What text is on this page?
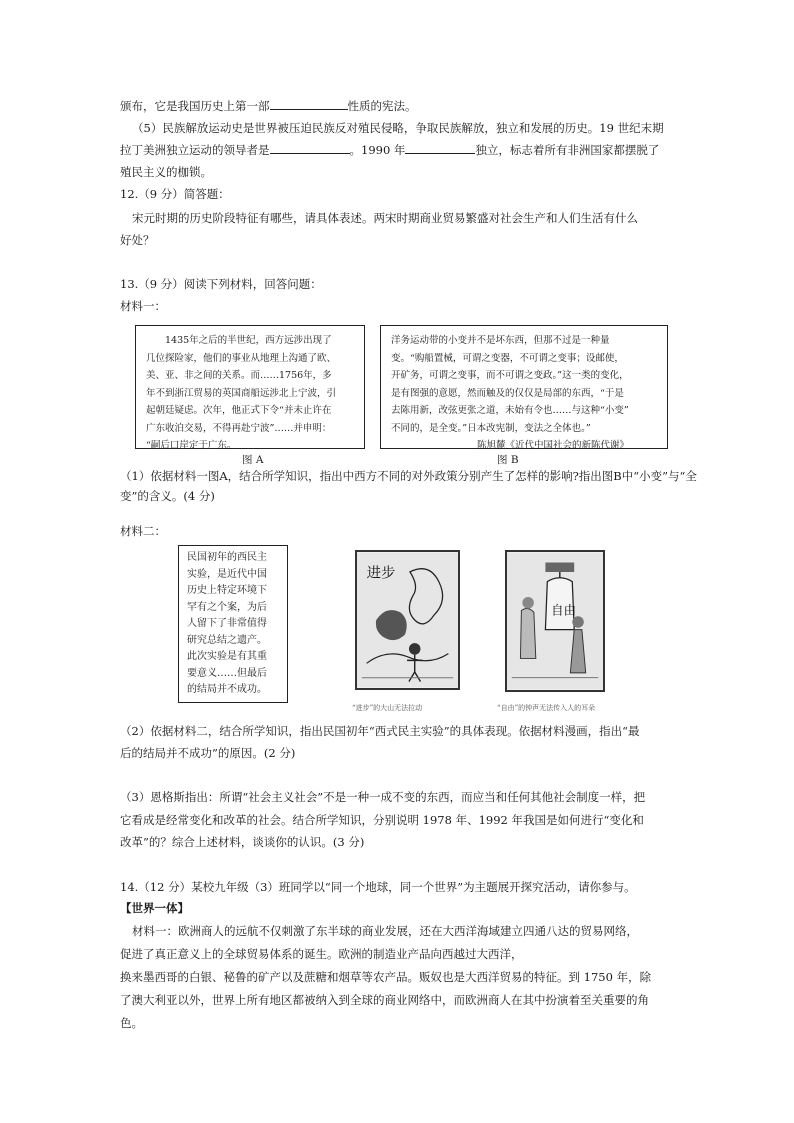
颁布，它是我国历史上第一部	性质的宪法。
（5）民族解放运动史是世界被压迫民族反对殖民侵略，争取民族解放，独立和发展的历史。19 世纪末期
拉丁美洲独立运动的领导者是	。1990 年	独立，标志着所有非洲国家都摆脱了
殖民主义的枷锁。
12.（9 分）简答题：
宋元时期的历史阶段特征有哪些，请具体表述。两宋时期商业贸易繁盛对社会生产和人们生活有什么
好处？
13.（9 分）阅读下列材料，回答问题：
材料一：
　　1435年之后的半世纪，西方远涉出现了
几位探险家，他们的事业从地理上沟通了欧、
美、亚、非之间的关系。而……1756年，多
年不到浙江贸易的英国商船远涉北上宁波，引
起朝廷疑虑。次年，他正式下令“并未止许在
广东收泊交易，不得再赴宁波”……并申明：
“嗣后口岸定于广东。
洋务运动带的小变并不是坏东西，但那不过是一种量
变。“购船置械，可谓之变器，不可谓之变事；设邮使，
开矿务，可谓之变事，而不可谓之变政。”这一类的变化，
是有图强的意愿，然而触及的仅仅是局部的东西，“于是
去陈用新，改弦更张之道，未始有令也……与这种“小变”
不同的，是全变。”日本改宪制，变法之全体也。”
陈旭麓《近代中国社会的新陈代谢》
图 A	图 B
（1）依据材料一图A，结合所学知识，指出中西方不同的对外政策分别产生了怎样的影响?指出图B中“小变”与“全
变”的含义。(4 分)
材料二：
民国初年的西民主
实验，是近代中国
历史上特定环境下
罕有之个案，为后
人留下了非常值得
研究总结之遗产。
此次实验是有其重
要意义……但最后
的结局并不成功。
进步
“进步”的大山无法拉动
自由
“自由”的钟声无法传入人的耳朵
（2）依据材料二，结合所学知识，指出民国初年“西式民主实验”的具体表现。依据材料漫画，指出“最
后的结局并不成功”的原因。(2 分)
（3）恩格斯指出：所谓“社会主义社会”不是一种一成不变的东西，而应当和任何其他社会制度一样，把
它看成是经常变化和改革的社会。结合所学知识，分别说明 1978 年、1992 年我国是如何进行“变化和
改革”的？综合上述材料，谈谈你的认识。(3 分)
14.（12 分）某校九年级（3）班同学以“同一个地球，同一个世界”为主题展开探究活动，请你参与。
【世界一体】
材料一：欧洲商人的远航不仅刺激了东半球的商业发展，还在大西洋海域建立四通八达的贸易网络，
促进了真正意义上的全球贸易体系的诞生。欧洲的制造业产品向西越过大西洋，
换来墨西哥的白银、秘鲁的矿产以及蔗糖和烟草等农产品。贩奴也是大西洋贸易的特征。到 1750 年，除
了澳大利亚以外，世界上所有地区都被纳入到全球的商业网络中，而欧洲商人在其中扮演着至关重要的角
色。
